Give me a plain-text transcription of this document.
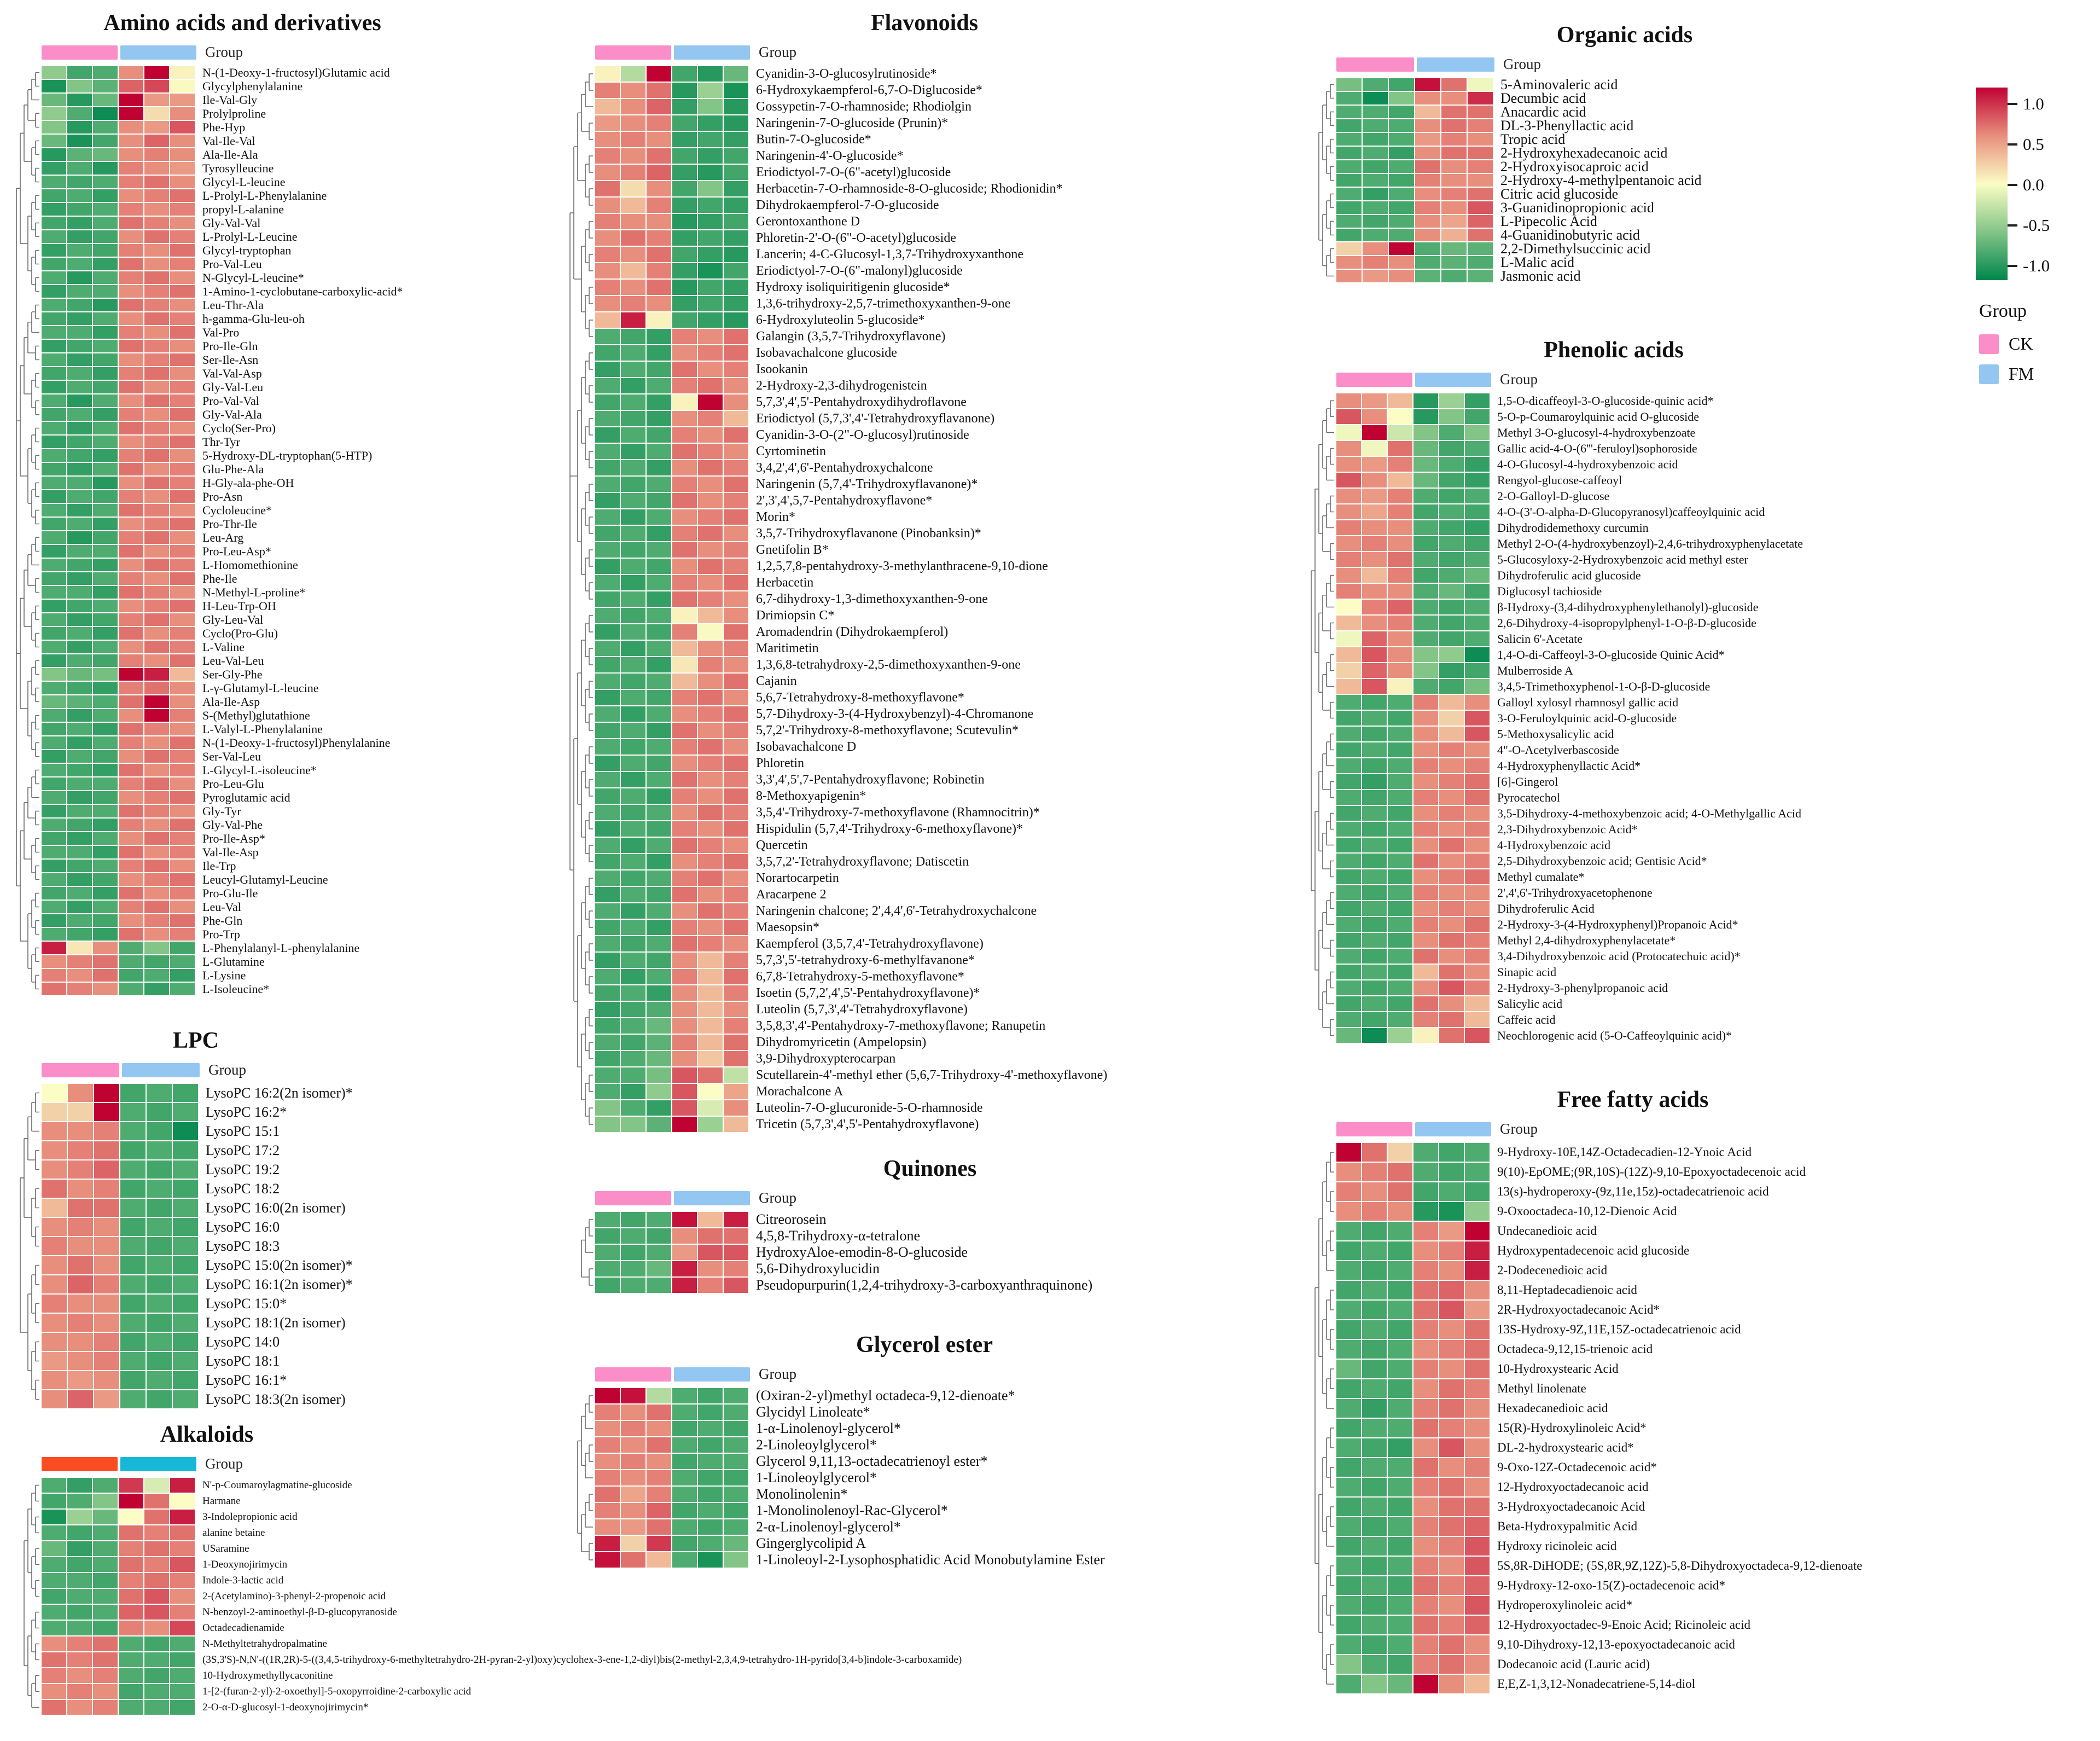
Amino acids and derivatives
Group
N-(1-Deoxy-1-fructosyl)Glutamic acid
Glycylphenylalanine
Ile-Val-Gly
Prolylproline
Phe-Hyp
Val-Ile-Val
Ala-Ile-Ala
Tyrosylleucine
Glycyl-L-leucine
L-Prolyl-L-Phenylalanine
propyl-L-alanine
Gly-Val-Val
L-Prolyl-L-Leucine
Glycyl-tryptophan
Pro-Val-Leu
N-Glycyl-L-leucine*
1-Amino-1-cyclobutane-carboxylic-acid*
Leu-Thr-Ala
h-gamma-Glu-leu-oh
Val-Pro
Pro-Ile-Gln
Ser-Ile-Asn
Val-Val-Asp
Gly-Val-Leu
Pro-Val-Val
Gly-Val-Ala
Cyclo(Ser-Pro)
Thr-Tyr
5-Hydroxy-DL-tryptophan(5-HTP)
Glu-Phe-Ala
H-Gly-ala-phe-OH
Pro-Asn
Cycloleucine*
Pro-Thr-Ile
Leu-Arg
Pro-Leu-Asp*
L-Homomethionine
Phe-Ile
N-Methyl-L-proline*
H-Leu-Trp-OH
Gly-Leu-Val
Cyclo(Pro-Glu)
L-Valine
Leu-Val-Leu
Ser-Gly-Phe
L-γ-Glutamyl-L-leucine
Ala-Ile-Asp
S-(Methyl)glutathione
L-Valyl-L-Phenylalanine
N-(1-Deoxy-1-fructosyl)Phenylalanine
Ser-Val-Leu
L-Glycyl-L-isoleucine*
Pro-Leu-Glu
Pyroglutamic acid
Gly-Tyr
Gly-Val-Phe
Pro-Ile-Asp*
Val-Ile-Asp
Ile-Trp
Leucyl-Glutamyl-Leucine
Pro-Glu-Ile
Leu-Val
Phe-Gln
Pro-Trp
L-Phenylalanyl-L-phenylalanine
L-Glutamine
L-Lysine
L-Isoleucine*
LPC
Group
LysoPC 16:2(2n isomer)*
LysoPC 16:2*
LysoPC 15:1
LysoPC 17:2
LysoPC 19:2
LysoPC 18:2
LysoPC 16:0(2n isomer)
LysoPC 16:0
LysoPC 18:3
LysoPC 15:0(2n isomer)*
LysoPC 16:1(2n isomer)*
LysoPC 15:0*
LysoPC 18:1(2n isomer)
LysoPC 14:0
LysoPC 18:1
LysoPC 16:1*
LysoPC 18:3(2n isomer)
Alkaloids
Group
N'-p-Coumaroylagmatine-glucoside
Harmane
3-Indolepropionic acid
alanine betaine
USaramine
1-Deoxynojirimycin
Indole-3-lactic acid
2-(Acetylamino)-3-phenyl-2-propenoic acid
N-benzoyl-2-aminoethyl-β-D-glucopyranoside
Octadecadienamide
N-Methyltetrahydropalmatine
(3S,3'S)-N,N'-((1R,2R)-5-((3,4,5-trihydroxy-6-methyltetrahydro-2H-pyran-2-yl)oxy)cyclohex-3-ene-1,2-diyl)bis(2-methyl-2,3,4,9-tetrahydro-1H-pyrido[3,4-b]indole-3-carboxamide)
10-Hydroxymethyllycaconitine
1-[2-(furan-2-yl)-2-oxoethyl]-5-oxopyrroidine-2-carboxylic acid
2-O-α-D-glucosyl-1-deoxynojirimycin*
Flavonoids
Group
Cyanidin-3-O-glucosylrutinoside*
6-Hydroxykaempferol-6,7-O-Diglucoside*
Gossypetin-7-O-rhamnoside; Rhodiolgin
Naringenin-7-O-glucoside (Prunin)*
Butin-7-O-glucoside*
Naringenin-4'-O-glucoside*
Eriodictyol-7-O-(6"-acetyl)glucoside
Herbacetin-7-O-rhamnoside-8-O-glucoside; Rhodionidin*
Dihydrokaempferol-7-O-glucoside
Gerontoxanthone D
Phloretin-2'-O-(6"-O-acetyl)glucoside
Lancerin; 4-C-Glucosyl-1,3,7-Trihydroxyxanthone
Eriodictyol-7-O-(6"-malonyl)glucoside
Hydroxy isoliquiritigenin glucoside*
1,3,6-trihydroxy-2,5,7-trimethoxyxanthen-9-one
6-Hydroxyluteolin 5-glucoside*
Galangin (3,5,7-Trihydroxyflavone)
Isobavachalcone glucoside
Isookanin
2-Hydroxy-2,3-dihydrogenistein
5,7,3',4',5'-Pentahydroxydihydroflavone
Eriodictyol (5,7,3',4'-Tetrahydroxyflavanone)
Cyanidin-3-O-(2"-O-glucosyl)rutinoside
Cyrtominetin
3,4,2',4',6'-Pentahydroxychalcone
Naringenin (5,7,4'-Trihydroxyflavanone)*
2',3',4',5,7-Pentahydroxyflavone*
Morin*
3,5,7-Trihydroxyflavanone (Pinobanksin)*
Gnetifolin B*
1,2,5,7,8-pentahydroxy-3-methylanthracene-9,10-dione
Herbacetin
6,7-dihydroxy-1,3-dimethoxyxanthen-9-one
Drimiopsin C*
Aromadendrin (Dihydrokaempferol)
Maritimetin
1,3,6,8-tetrahydroxy-2,5-dimethoxyxanthen-9-one
Cajanin
5,6,7-Tetrahydroxy-8-methoxyflavone*
5,7-Dihydroxy-3-(4-Hydroxybenzyl)-4-Chromanone
5,7,2'-Trihydroxy-8-methoxyflavone; Scutevulin*
Isobavachalcone D
Phloretin
3,3',4',5',7-Pentahydroxyflavone; Robinetin
8-Methoxyapigenin*
3,5,4'-Trihydroxy-7-methoxyflavone (Rhamnocitrin)*
Hispidulin (5,7,4'-Trihydroxy-6-methoxyflavone)*
Quercetin
3,5,7,2'-Tetrahydroxyflavone; Datiscetin
Norartocarpetin
Aracarpene 2
Naringenin chalcone; 2',4,4',6'-Tetrahydroxychalcone
Maesopsin*
Kaempferol (3,5,7,4'-Tetrahydroxyflavone)
5,7,3',5'-tetrahydroxy-6-methylfavanone*
6,7,8-Tetrahydroxy-5-methoxyflavone*
Isoetin (5,7,2',4',5'-Pentahydroxyflavone)*
Luteolin (5,7,3',4'-Tetrahydroxyflavone)
3,5,8,3',4'-Pentahydroxy-7-methoxyflavone; Ranupetin
Dihydromyricetin (Ampelopsin)
3,9-Dihydroxypterocarpan
Scutellarein-4'-methyl ether (5,6,7-Trihydroxy-4'-methoxyflavone)
Morachalcone A
Luteolin-7-O-glucuronide-5-O-rhamnoside
Tricetin (5,7,3',4',5'-Pentahydroxyflavone)
Quinones
Group
Citreorosein
4,5,8-Trihydroxy-α-tetralone
HydroxyAloe-emodin-8-O-glucoside
5,6-Dihydroxylucidin
Pseudopurpurin(1,2,4-trihydroxy-3-carboxyanthraquinone)
Glycerol ester
Group
(Oxiran-2-yl)methyl octadeca-9,12-dienoate*
Glycidyl Linoleate*
1-α-Linolenoyl-glycerol*
2-Linoleoylglycerol*
Glycerol 9,11,13-octadecatrienoyl ester*
1-Linoleoylglycerol*
Monolinolenin*
1-Monolinolenoyl-Rac-Glycerol*
2-α-Linolenoyl-glycerol*
Gingerglycolipid A
1-Linoleoyl-2-Lysophosphatidic Acid Monobutylamine Ester
Organic acids
Group
5-Aminovaleric acid
Decumbic acid
Anacardic acid
DL-3-Phenyllactic acid
Tropic acid
2-Hydroxyhexadecanoic acid
2-Hydroxyisocaproic acid
2-Hydroxy-4-methylpentanoic acid
Citric acid glucoside
3-Guanidinopropionic acid
L-Pipecolic Acid
4-Guanidinobutyric acid
2,2-Dimethylsuccinic acid
L-Malic acid
Jasmonic acid
Phenolic acids
Group
1,5-O-dicaffeoyl-3-O-glucoside-quinic acid*
5-O-p-Coumaroylquinic acid O-glucoside
Methyl 3-O-glucosyl-4-hydroxybenzoate
Gallic acid-4-O-(6'''-feruloyl)sophoroside
4-O-Glucosyl-4-hydroxybenzoic acid
Rengyol-glucose-caffeoyl
2-O-Galloyl-D-glucose
4-O-(3'-O-alpha-D-Glucopyranosyl)caffeoylquinic acid
Dihydrodidemethoxy curcumin
Methyl 2-O-(4-hydroxybenzoyl)-2,4,6-trihydroxyphenylacetate
5-Glucosyloxy-2-Hydroxybenzoic acid methyl ester
Dihydroferulic acid glucoside
Diglucosyl tachioside
β-Hydroxy-(3,4-dihydroxyphenylethanolyl)-glucoside
2,6-Dihydroxy-4-isopropylphenyl-1-O-β-D-glucoside
Salicin 6'-Acetate
1,4-O-di-Caffeoyl-3-O-glucoside Quinic Acid*
Mulberroside A
3,4,5-Trimethoxyphenol-1-O-β-D-glucoside
Galloyl xylosyl rhamnosyl gallic acid
3-O-Feruloylquinic acid-O-glucoside
5-Methoxysalicylic acid
4"-O-Acetylverbascoside
4-Hydroxyphenyllactic Acid*
[6]-Gingerol
Pyrocatechol
3,5-Dihydroxy-4-methoxybenzoic acid; 4-O-Methylgallic Acid
2,3-Dihydroxybenzoic Acid*
4-Hydroxybenzoic acid
2,5-Dihydroxybenzoic acid; Gentisic Acid*
Methyl cumalate*
2',4',6'-Trihydroxyacetophenone
Dihydroferulic Acid
2-Hydroxy-3-(4-Hydroxyphenyl)Propanoic Acid*
Methyl 2,4-dihydroxyphenylacetate*
3,4-Dihydroxybenzoic acid (Protocatechuic acid)*
Sinapic acid
2-Hydroxy-3-phenylpropanoic acid
Salicylic acid
Caffeic acid
Neochlorogenic acid (5-O-Caffeoylquinic acid)*
Free fatty acids
Group
9-Hydroxy-10E,14Z-Octadecadien-12-Ynoic Acid
9(10)-EpOME;(9R,10S)-(12Z)-9,10-Epoxyoctadecenoic acid
13(s)-hydroperoxy-(9z,11e,15z)-octadecatrienoic acid
9-Oxooctadeca-10,12-Dienoic Acid
Undecanedioic acid
Hydroxypentadecenoic acid glucoside
2-Dodecenedioic acid
8,11-Heptadecadienoic acid
2R-Hydroxyoctadecanoic Acid*
13S-Hydroxy-9Z,11E,15Z-octadecatrienoic acid
Octadeca-9,12,15-trienoic acid
10-Hydroxystearic Acid
Methyl linolenate
Hexadecanedioic acid
15(R)-Hydroxylinoleic Acid*
DL-2-hydroxystearic acid*
9-Oxo-12Z-Octadecenoic acid*
12-Hydroxyoctadecanoic acid
3-Hydroxyoctadecanoic Acid
Beta-Hydroxypalmitic Acid
Hydroxy ricinoleic acid
5S,8R-DiHODE; (5S,8R,9Z,12Z)-5,8-Dihydroxyoctadeca-9,12-dienoate
9-Hydroxy-12-oxo-15(Z)-octadecenoic acid*
Hydroperoxylinoleic acid*
12-Hydroxyoctadec-9-Enoic Acid; Ricinoleic acid
9,10-Dihydroxy-12,13-epoxyoctadecanoic acid
Dodecanoic acid (Lauric acid)
E,E,Z-1,3,12-Nonadecatriene-5,14-diol
1.0
0.5
0.0
-0.5
-1.0
Group
CK
FM
